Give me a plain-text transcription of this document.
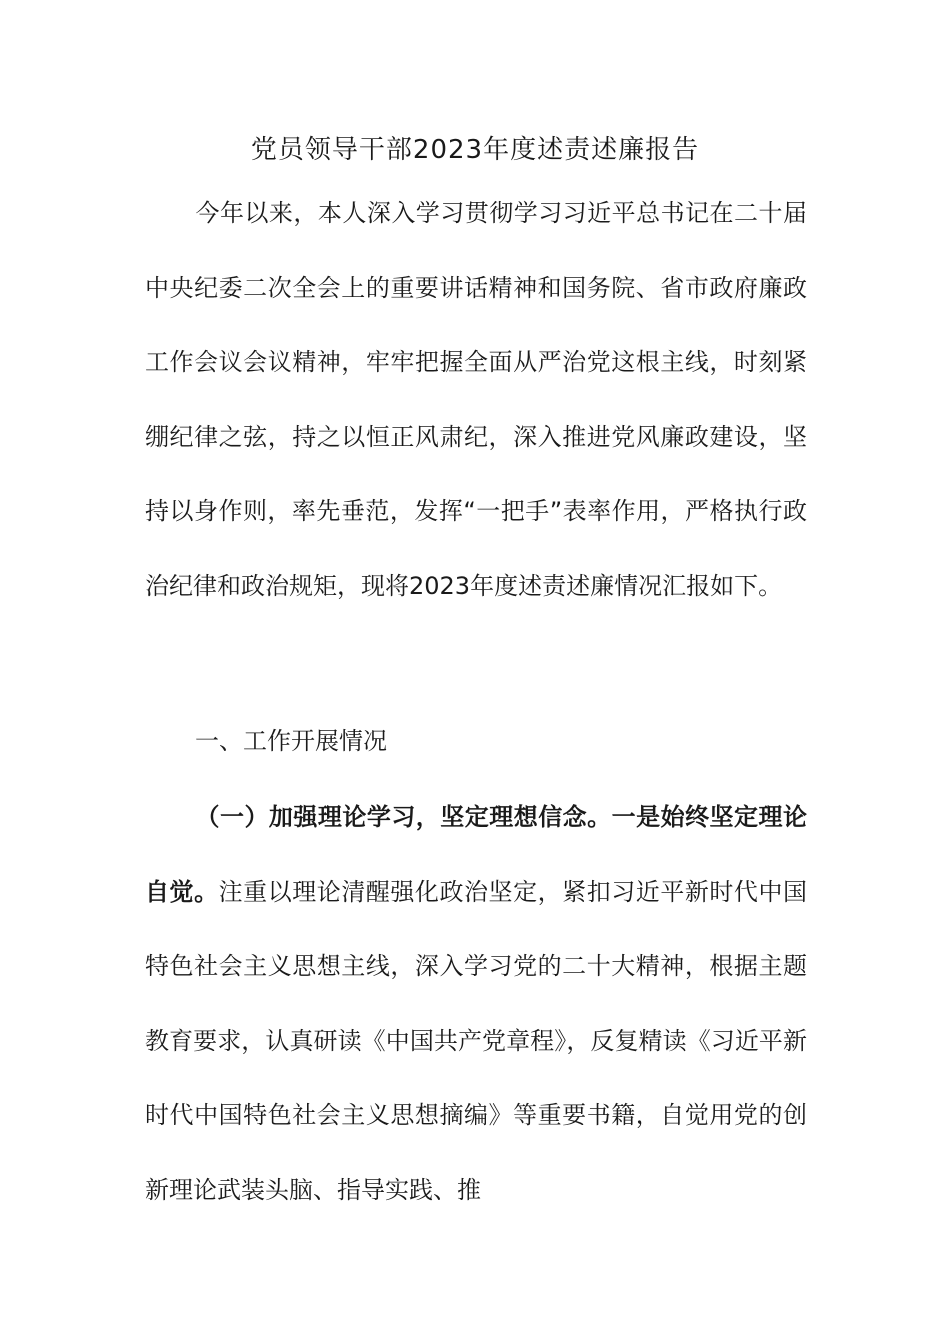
党员领导干部2023年度述责述廉报告
今年以来，本人深入学习贯彻学习习近平总书记在二十届中央纪委二次全会上的重要讲话精神和国务院、省市政府廉政工作会议会议精神，牢牢把握全面从严治党这根主线，时刻紧绷纪律之弦，持之以恒正风肃纪，深入推进党风廉政建设，坚持以身作则，率先垂范，发挥“一把手”表率作用，严格执行政治纪律和政治规矩，现将2023年度述责述廉情况汇报如下。
一、工作开展情况
（一）加强理论学习，坚定理想信念。一是始终坚定理论自觉。注重以理论清醒强化政治坚定，紧扣习近平新时代中国特色社会主义思想主线，深入学习党的二十大精神，根据主题教育要求，认真研读《中国共产党章程》，反复精读《习近平新时代中国特色社会主义思想摘编》等重要书籍，自觉用党的创新理论武装头脑、指导实践、推
